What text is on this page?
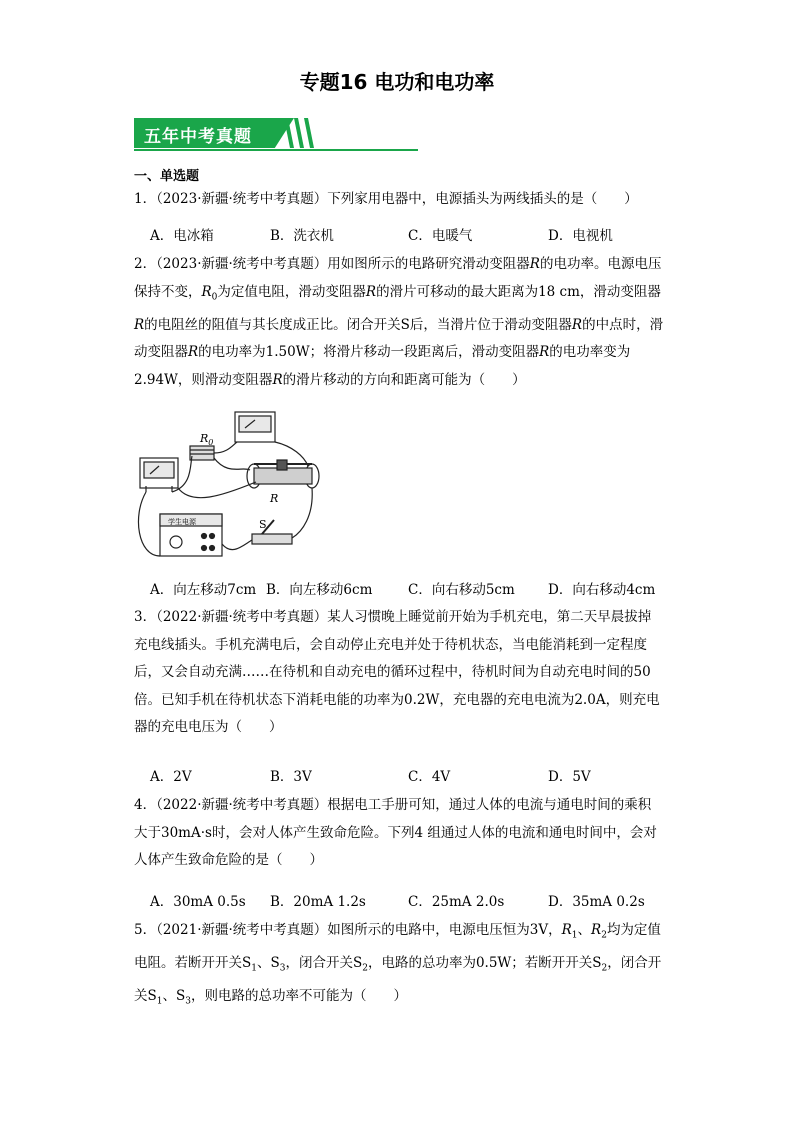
专题16 电功和电功率
五年中考真题
一、单选题
1．（2023·新疆·统考中考真题）下列家用电器中，电源插头为两线插头的是（　　）
A．电冰箱	B．洗衣机	C．电暖气	D．电视机
2．（2023·新疆·统考中考真题）用如图所示的电路研究滑动变阻器R的电功率。电源电压保持不变，$R_0$为定值电阻，滑动变阻器R的滑片可移动的最大距离为18 cm，滑动变阻器R的电阻丝的阻值与其长度成正比。闭合开关S后，当滑片位于滑动变阻器R的中点时，滑动变阻器R的电功率为1.50W；将滑片移动一段距离后，滑动变阻器R的电功率变为2.94W，则滑动变阻器R的滑片移动的方向和距离可能为（　　）
$R_0$
R
S
学生电源
A．向左移动7cm B．向左移动6cm	C．向右移动5cm D．向右移动4cm
3．（2022·新疆·统考中考真题）某人习惯晚上睡觉前开始为手机充电，第二天早晨拔掉充电线插头。手机充满电后，会自动停止充电并处于待机状态，当电能消耗到一定程度后，又会自动充满……在待机和自动充电的循环过程中，待机时间为自动充电时间的50倍。已知手机在待机状态下消耗电能的功率为0.2W，充电器的充电电流为2.0A，则充电器的充电电压为（　　）
A．2V	B．3V	C．4V	D．5V
4．（2022·新疆·统考中考真题）根据电工手册可知，通过人体的电流与通电时间的乘积大于30mA·s时，会对人体产生致命危险。下列4 组通过人体的电流和通电时间中，会对人体产生致命危险的是（　　）
A．30mA 0.5s B．20mA 1.2s	C．25mA 2.0s	D．35mA 0.2s
5．（2021·新疆·统考中考真题）如图所示的电路中，电源电压恒为3V，$R_1$、$R_2$均为定值电阻。若断开开关$S_1$、$S_3$，闭合开关$S_2$，电路的总功率为0.5W；若断开开关$S_2$，闭合开关$S_1$、$S_3$，则电路的总功率不可能为（　　）
